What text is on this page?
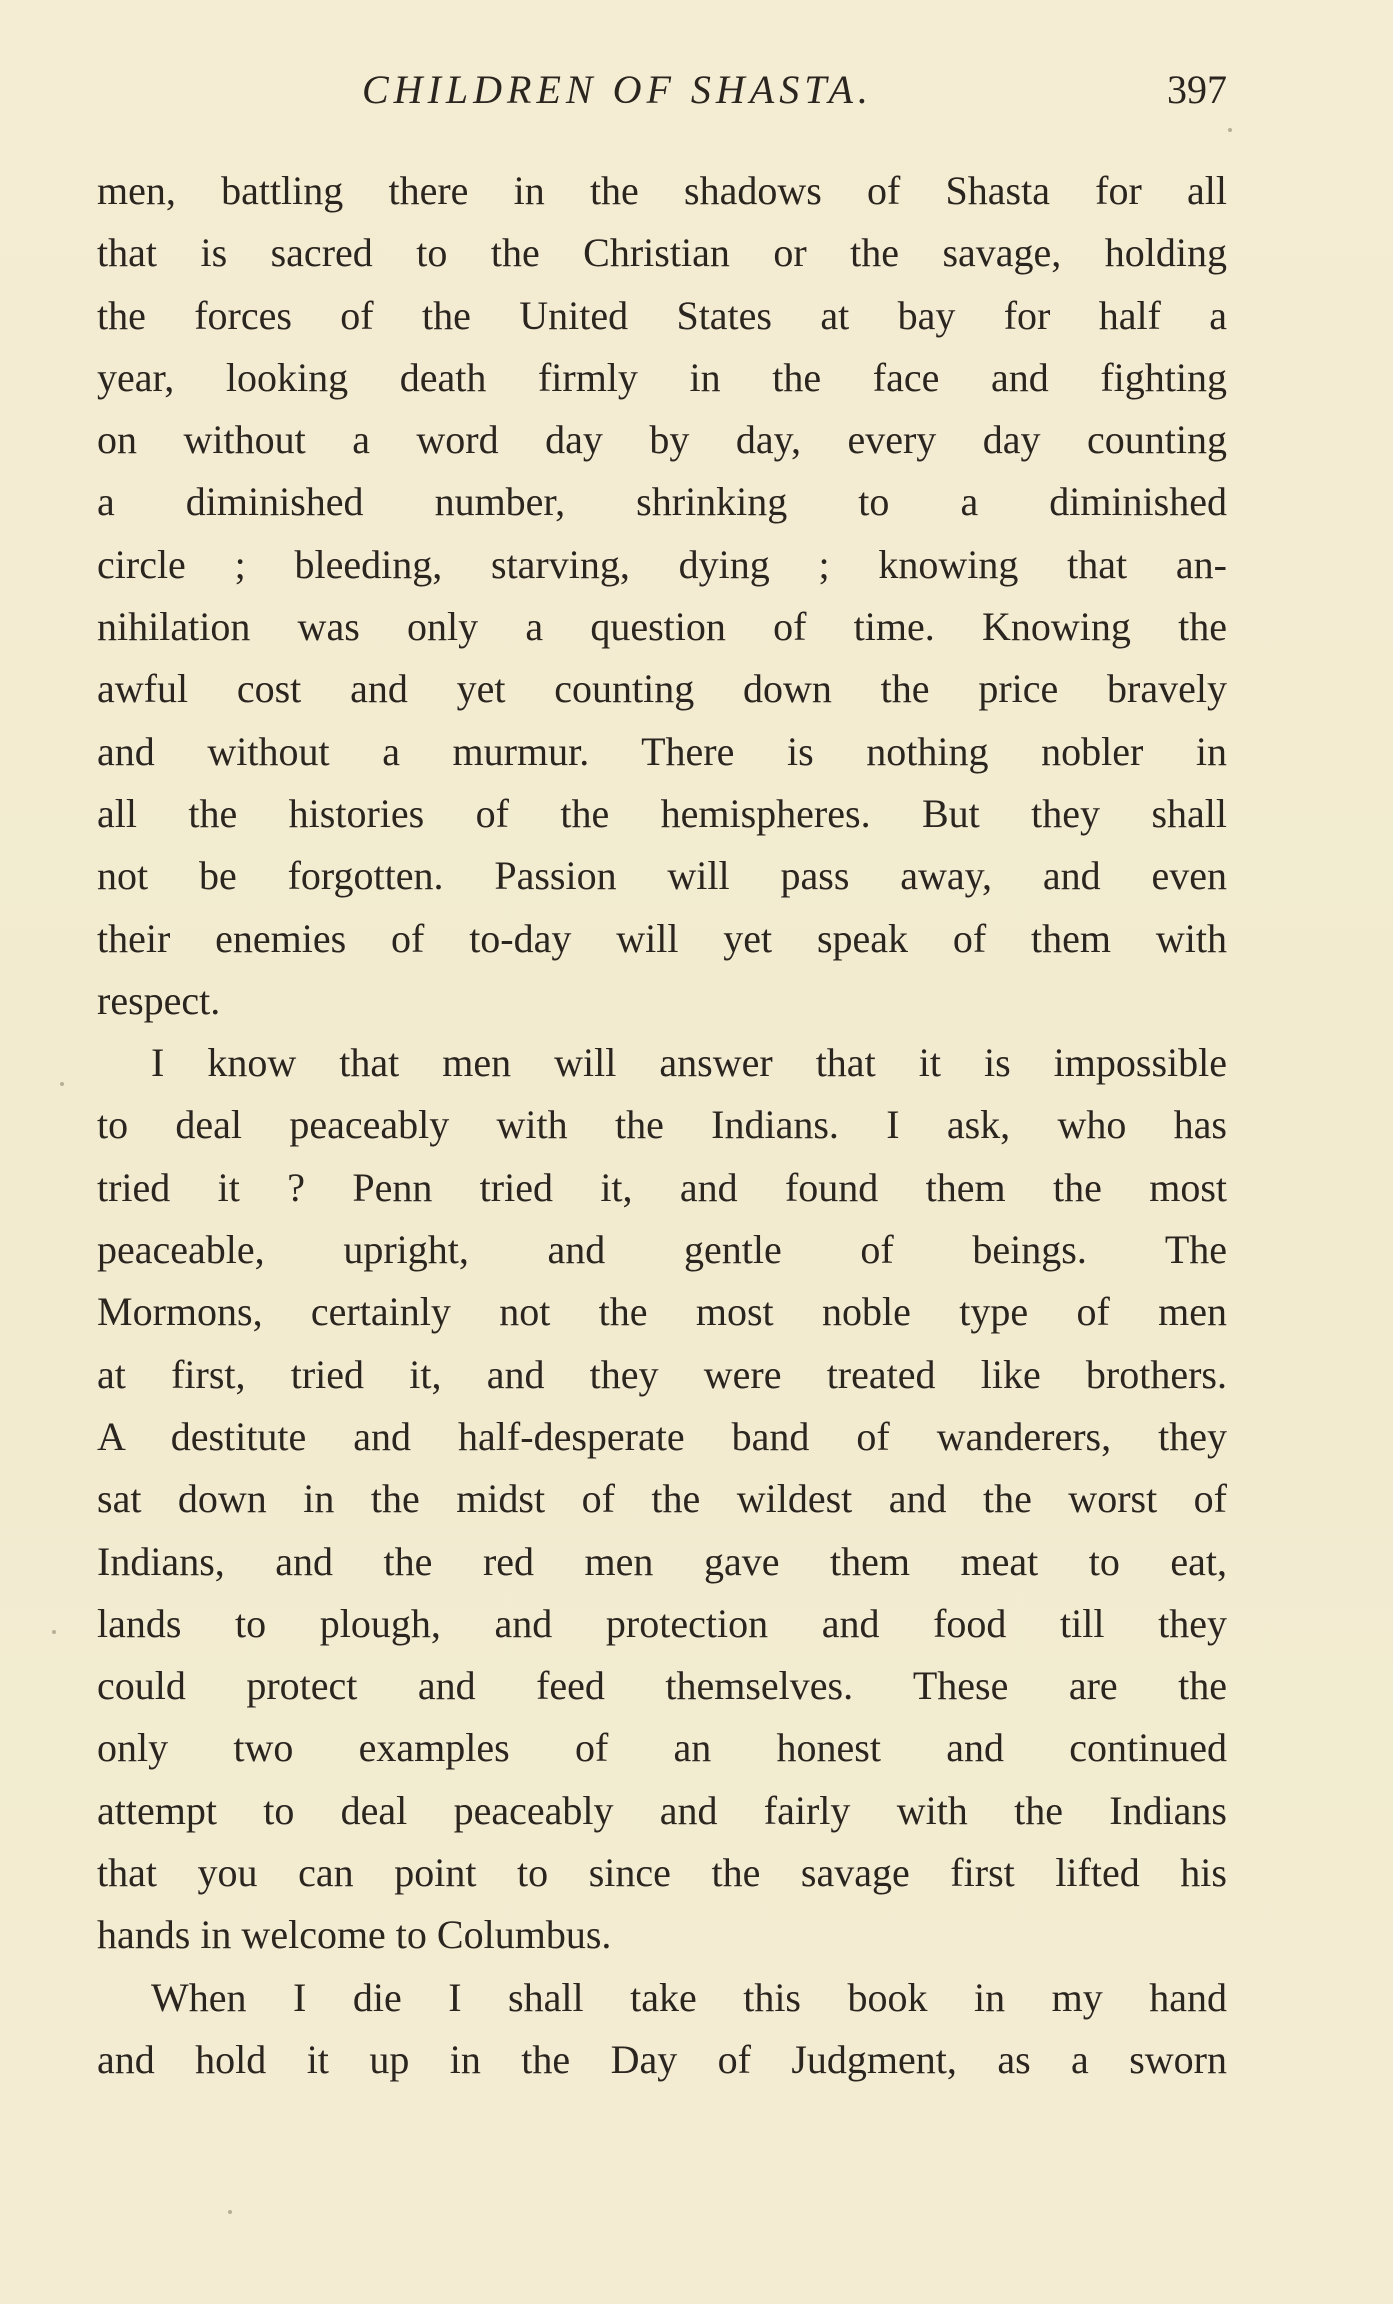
CHILDREN OF SHASTA.	397
men, battling there in the shadows of Shasta for all
that is sacred to the Christian or the savage, holding
the forces of the United States at bay for half a
year, looking death firmly in the face and fighting
on without a word day by day, every day counting
a diminished number, shrinking to a diminished
circle ; bleeding, starving, dying ; knowing that an-
nihilation was only a question of time. Knowing the
awful cost and yet counting down the price bravely
and without a murmur. There is nothing nobler in
all the histories of the hemispheres. But they shall
not be forgotten. Passion will pass away, and even
their enemies of to-day will yet speak of them with
respect.
I know that men will answer that it is impossible
to deal peaceably with the Indians. I ask, who has
tried it ? Penn tried it, and found them the most
peaceable, upright, and gentle of beings. The
Mormons, certainly not the most noble type of men
at first, tried it, and they were treated like brothers.
A destitute and half-desperate band of wanderers, they
sat down in the midst of the wildest and the worst of
Indians, and the red men gave them meat to eat,
lands to plough, and protection and food till they
could protect and feed themselves. These are the
only two examples of an honest and continued
attempt to deal peaceably and fairly with the Indians
that you can point to since the savage first lifted his
hands in welcome to Columbus.
When I die I shall take this book in my hand
and hold it up in the Day of Judgment, as a sworn
